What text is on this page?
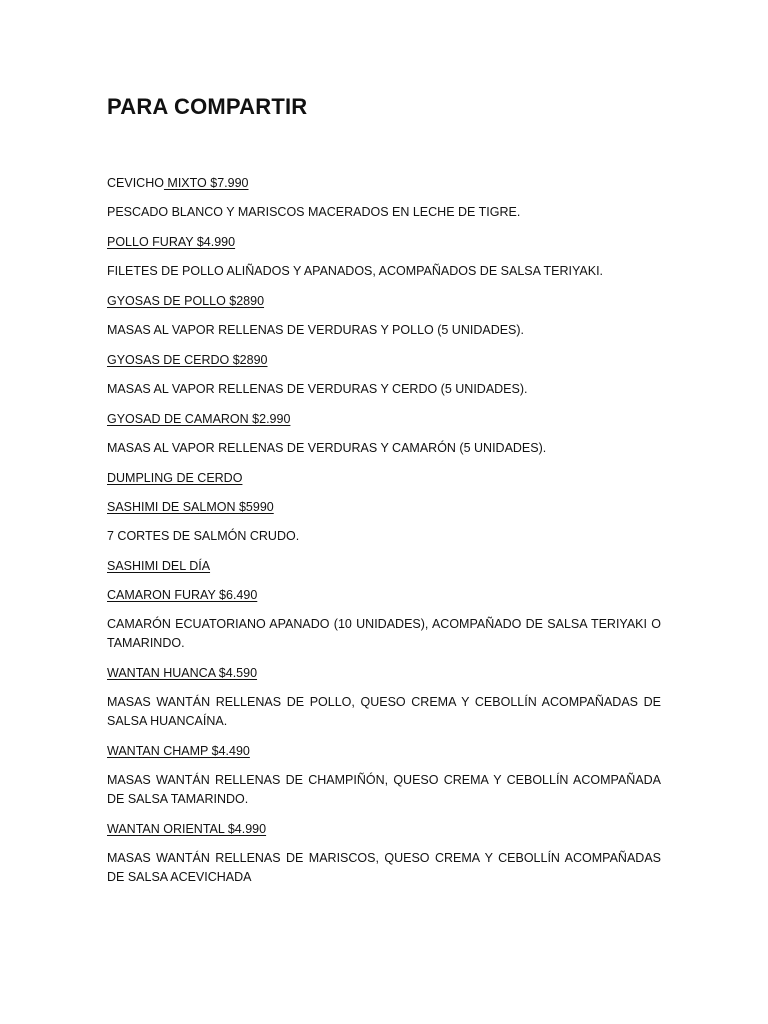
PARA COMPARTIR

CEVICHO MIXTO $7.990

PESCADO BLANCO Y MARISCOS MACERADOS EN LECHE DE TIGRE.

POLLO FURAY $4.990

FILETES DE POLLO ALIÑADOS Y APANADOS, ACOMPAÑADOS DE SALSA TERIYAKI.

GYOSAS DE POLLO $2890

MASAS AL VAPOR RELLENAS DE VERDURAS Y POLLO (5 UNIDADES).

GYOSAS DE CERDO $2890

MASAS AL VAPOR RELLENAS DE VERDURAS Y CERDO (5 UNIDADES).

GYOSAD DE CAMARON $2.990

MASAS AL VAPOR RELLENAS DE VERDURAS Y CAMARÓN (5 UNIDADES).

DUMPLING DE CERDO

SASHIMI DE SALMON $5990

7 CORTES DE SALMÓN CRUDO.

SASHIMI DEL DÍA

CAMARON FURAY $6.490

CAMARÓN ECUATORIANO APANADO (10 UNIDADES), ACOMPAÑADO DE SALSA TERIYAKI O TAMARINDO.

WANTAN HUANCA $4.590

MASAS WANTÁN RELLENAS DE POLLO, QUESO CREMA Y CEBOLLÍN ACOMPAÑADAS DE SALSA HUANCAÍNA.

WANTAN CHAMP $4.490

MASAS WANTÁN RELLENAS DE CHAMPIÑÓN, QUESO CREMA Y CEBOLLÍN ACOMPAÑADA DE SALSA TAMARINDO.

WANTAN ORIENTAL $4.990

MASAS WANTÁN RELLENAS DE MARISCOS, QUESO CREMA Y CEBOLLÍN ACOMPAÑADAS DE SALSA ACEVICHADA
